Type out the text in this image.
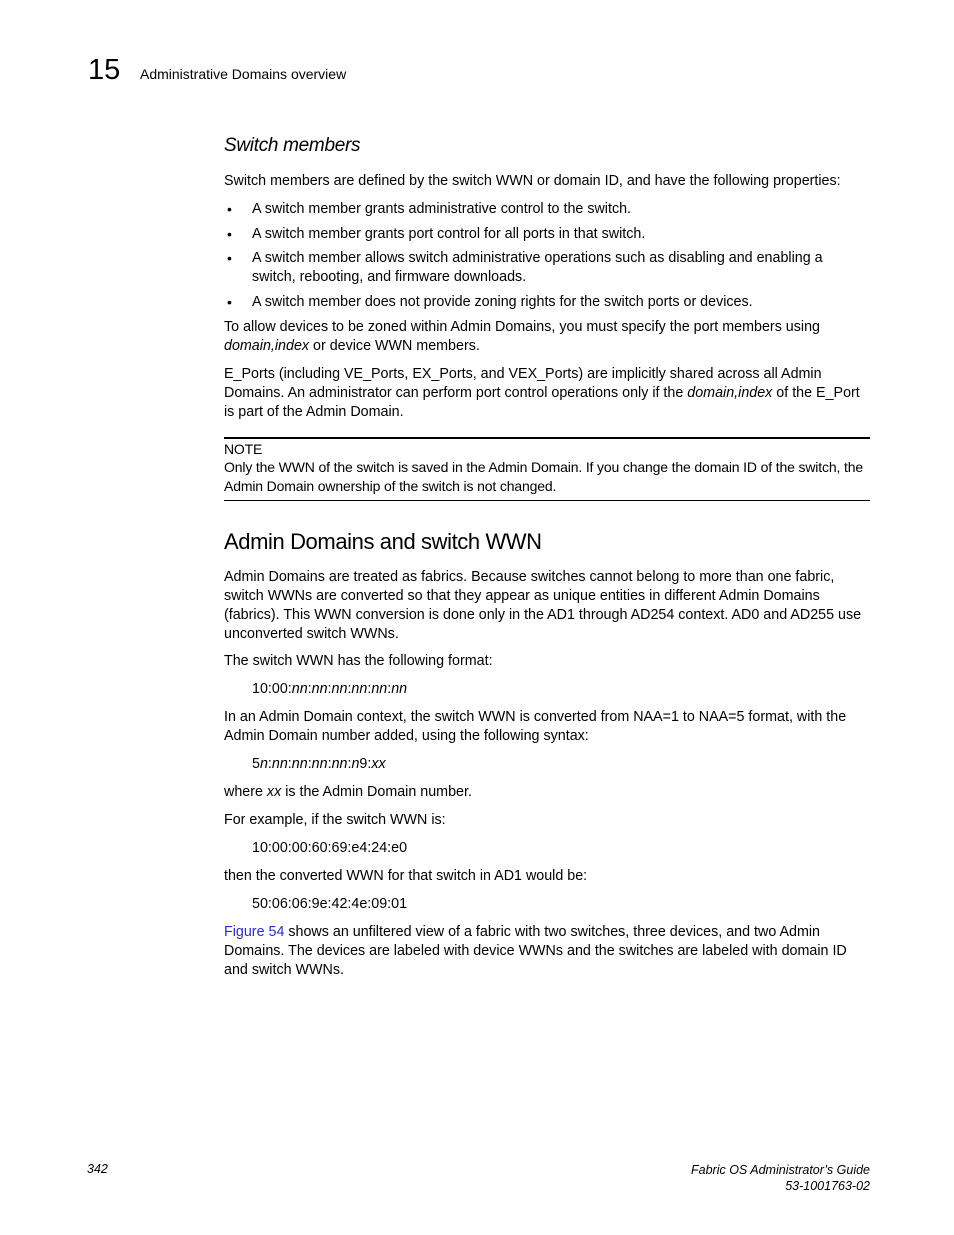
15 Administrative Domains overview
Switch members

Switch members are defined by the switch WWN or domain ID, and have the following properties:

• A switch member grants administrative control to the switch.
• A switch member grants port control for all ports in that switch.
• A switch member allows switch administrative operations such as disabling and enabling a switch, rebooting, and firmware downloads.
• A switch member does not provide zoning rights for the switch ports or devices.

To allow devices to be zoned within Admin Domains, you must specify the port members using
domain,index or device WWN members.

E_Ports (including VE_Ports, EX_Ports, and VEX_Ports) are implicitly shared across all Admin Domains. An administrator can perform port control operations only if the domain,index of the E_Port is part of the Admin Domain.

NOTE
Only the WWN of the switch is saved in the Admin Domain. If you change the domain ID of the switch, the Admin Domain ownership of the switch is not changed.
Admin Domains and switch WWN

Admin Domains are treated as fabrics. Because switches cannot belong to more than one fabric, switch WWNs are converted so that they appear as unique entities in different Admin Domains (fabrics). This WWN conversion is done only in the AD1 through AD254 context. AD0 and AD255 use unconverted switch WWNs.

The switch WWN has the following format:

10:00:nn:nn:nn:nn:nn:nn

In an Admin Domain context, the switch WWN is converted from NAA=1 to NAA=5 format, with the Admin Domain number added, using the following syntax:

5n:nn:nn:nn:nn:n9:xx

where xx is the Admin Domain number.

For example, if the switch WWN is:

10:00:00:60:69:e4:24:e0

then the converted WWN for that switch in AD1 would be:

50:06:06:9e:42:4e:09:01

Figure 54 shows an unfiltered view of a fabric with two switches, three devices, and two Admin Domains. The devices are labeled with device WWNs and the switches are labeled with domain ID and switch WWNs.

342	Fabric OS Administrator’s Guide
53-1001763-02
